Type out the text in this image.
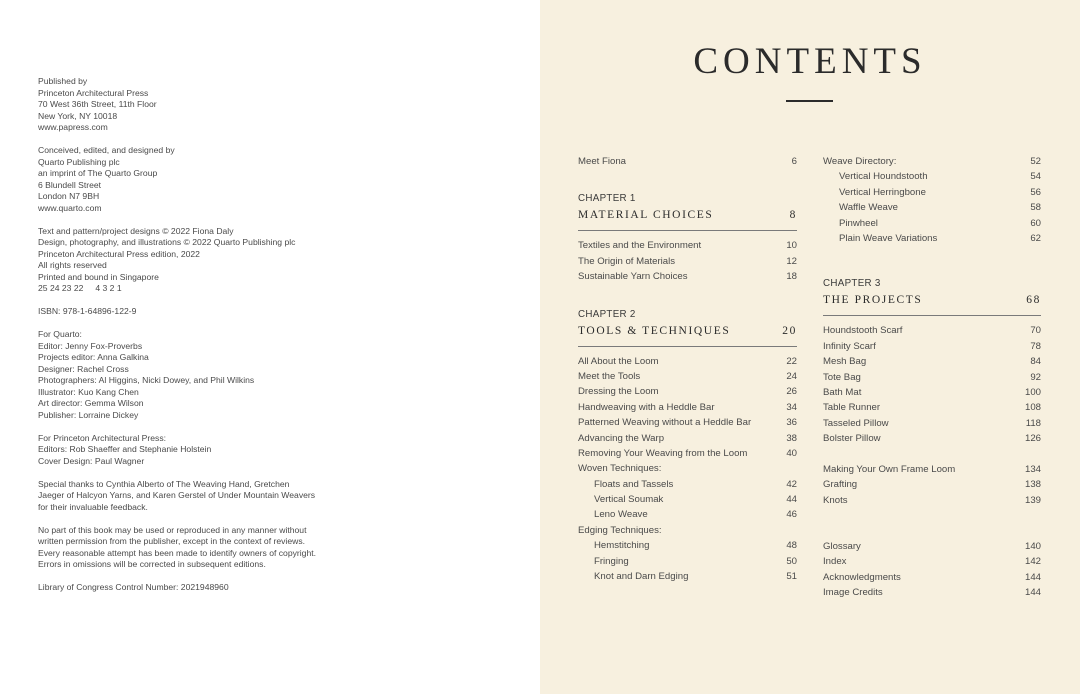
Published by
Princeton Architectural Press
70 West 36th Street, 11th Floor
New York, NY 10018
www.papress.com

Conceived, edited, and designed by
Quarto Publishing plc
an imprint of The Quarto Group
6 Blundell Street
London N7 9BH
www.quarto.com

Text and pattern/project designs © 2022 Fiona Daly
Design, photography, and illustrations © 2022 Quarto Publishing plc
Princeton Architectural Press edition, 2022
All rights reserved
Printed and bound in Singapore
25 24 23 22     4 3 2 1

ISBN: 978-1-64896-122-9

For Quarto:
Editor: Jenny Fox-Proverbs
Projects editor: Anna Galkina
Designer: Rachel Cross
Photographers: Al Higgins, Nicki Dowey, and Phil Wilkins
Illustrator: Kuo Kang Chen
Art director: Gemma Wilson
Publisher: Lorraine Dickey

For Princeton Architectural Press:
Editors: Rob Shaeffer and Stephanie Holstein
Cover Design: Paul Wagner

Special thanks to Cynthia Alberto of The Weaving Hand, Gretchen
Jaeger of Halcyon Yarns, and Karen Gerstel of Under Mountain Weavers
for their invaluable feedback.

No part of this book may be used or reproduced in any manner without
written permission from the publisher, except in the context of reviews.
Every reasonable attempt has been made to identify owners of copyright.
Errors in omissions will be corrected in subsequent editions.

Library of Congress Control Number: 2021948960

CONTENTS
Meet Fiona	6
CHAPTER 1
MATERIAL CHOICES	8
Textiles and the Environment	10
The Origin of Materials	12
Sustainable Yarn Choices	18
CHAPTER 2
TOOLS & TECHNIQUES	20
All About the Loom	22
Meet the Tools	24
Dressing the Loom	26
Handweaving with a Heddle Bar	34
Patterned Weaving without a Heddle Bar	36
Advancing the Warp	38
Removing Your Weaving from the Loom	40
Woven Techniques:
Floats and Tassels	42
Vertical Soumak	44
Leno Weave	46
Edging Techniques:
Hemstitching	48
Fringing	50
Knot and Darn Edging	51
Weave Directory:	52
Vertical Houndstooth	54
Vertical Herringbone	56
Waffle Weave	58
Pinwheel	60
Plain Weave Variations	62
CHAPTER 3
THE PROJECTS	68
Houndstooth Scarf	70
Infinity Scarf	78
Mesh Bag	84
Tote Bag	92
Bath Mat	100
Table Runner	108
Tasseled Pillow	118
Bolster Pillow	126
Making Your Own Frame Loom	134
Grafting	138
Knots	139
Glossary	140
Index	142
Acknowledgments	144
Image Credits	144
